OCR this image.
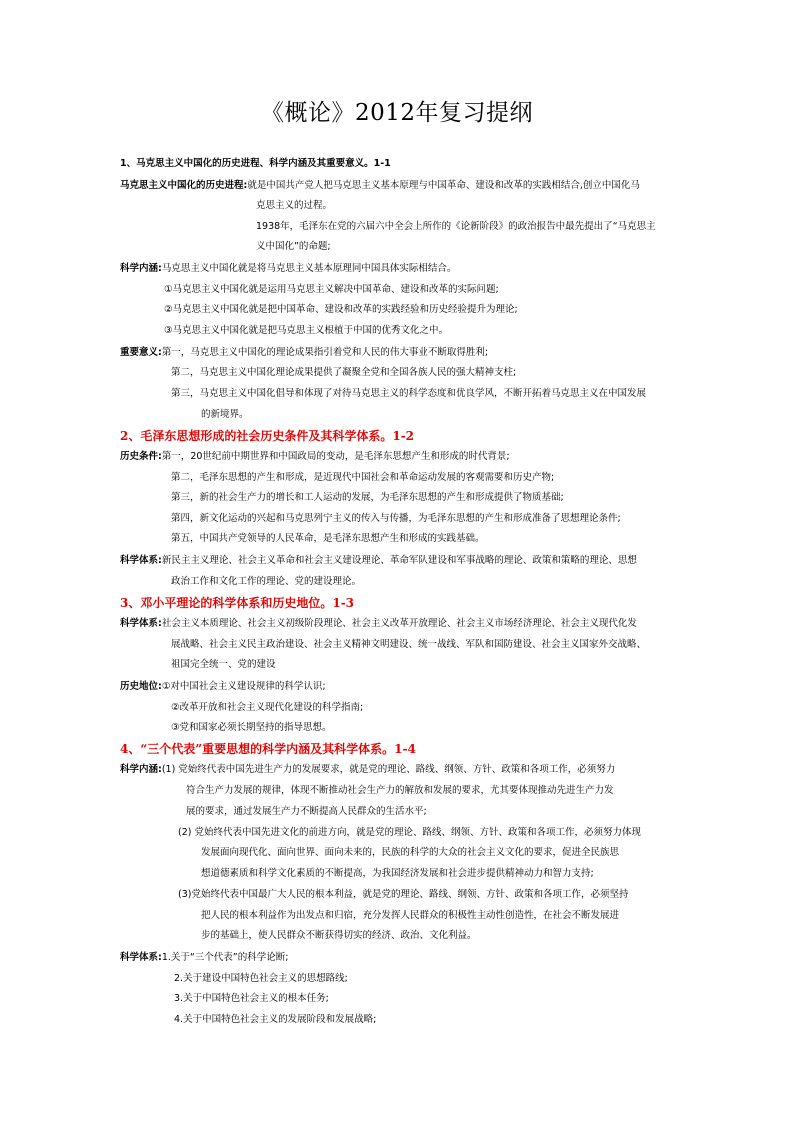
《概论》2012年复习提纲
1、马克思主义中国化的历史进程、科学内涵及其重要意义。1-1
马克思主义中国化的历史进程:就是中国共产党人把马克思主义基本原理与中国革命、建设和改革的实践相结合,创立中国化马
克思主义的过程。
1938年，毛泽东在党的六届六中全会上所作的《论新阶段》的政治报告中最先提出了“马克思主
义中国化”的命题;
科学内涵:马克思主义中国化就是将马克思主义基本原理同中国具体实际相结合。
①马克思主义中国化就是运用马克思主义解决中国革命、建设和改革的实际问题;
②马克思主义中国化就是把中国革命、建设和改革的实践经验和历史经验提升为理论;
③马克思主义中国化就是把马克思主义根植于中国的优秀文化之中。
重要意义:第一，马克思主义中国化的理论成果指引着党和人民的伟大事业不断取得胜利;
第二，马克思主义中国化理论成果提供了凝聚全党和全国各族人民的强大精神支柱;
第三，马克思主义中国化倡导和体现了对待马克思主义的科学态度和优良学风，不断开拓着马克思主义在中国发展
的新境界。
2、毛泽东思想形成的社会历史条件及其科学体系。1-2
历史条件:第一，20世纪前中期世界和中国政局的变动，是毛泽东思想产生和形成的时代背景;
第二，毛泽东思想的产生和形成，是近现代中国社会和革命运动发展的客观需要和历史产物;
第三，新的社会生产力的增长和工人运动的发展，为毛泽东思想的产生和形成提供了物质基础;
第四，新文化运动的兴起和马克思列宁主义的传入与传播，为毛泽东思想的产生和形成准备了思想理论条件;
第五，中国共产党领导的人民革命，是毛泽东思想产生和形成的实践基础。
科学体系:新民主主义理论、社会主义革命和社会主义建设理论、革命军队建设和军事战略的理论、政策和策略的理论、思想
政治工作和文化工作的理论、党的建设理论。
3、邓小平理论的科学体系和历史地位。1-3
科学体系:社会主义本质理论、社会主义初级阶段理论、社会主义改革开放理论、社会主义市场经济理论、社会主义现代化发
展战略、社会主义民主政治建设、社会主义精神文明建设、统一战线、军队和国防建设、社会主义国家外交战略、
祖国完全统一、党的建设
历史地位:①对中国社会主义建设规律的科学认识;
②改革开放和社会主义现代化建设的科学指南;
③党和国家必须长期坚持的指导思想。
4、“三个代表”重要思想的科学内涵及其科学体系。1-4
科学内涵:(1) 党始终代表中国先进生产力的发展要求，就是党的理论、路线、纲领、方针、政策和各项工作，必须努力
符合生产力发展的规律，体现不断推动社会生产力的解放和发展的要求，尤其要体现推动先进生产力发
展的要求，通过发展生产力不断提高人民群众的生活水平;
(2) 党始终代表中国先进文化的前进方向，就是党的理论、路线、纲领、方针、政策和各项工作，必须努力体现
发展面向现代化、面向世界、面向未来的，民族的科学的大众的社会主义文化的要求，促进全民族思
想道德素质和科学文化素质的不断提高，为我国经济发展和社会进步提供精神动力和智力支持;
(3)党始终代表中国最广大人民的根本利益，就是党的理论、路线、纲领、方针、政策和各项工作，必须坚持
把人民的根本利益作为出发点和归宿，充分发挥人民群众的积极性主动性创造性，在社会不断发展进
步的基础上，使人民群众不断获得切实的经济、政治、文化利益。
科学体系:1.关于“三个代表”的科学论断;
2.关于建设中国特色社会主义的思想路线;
3.关于中国特色社会主义的根本任务;
4.关于中国特色社会主义的发展阶段和发展战略;
